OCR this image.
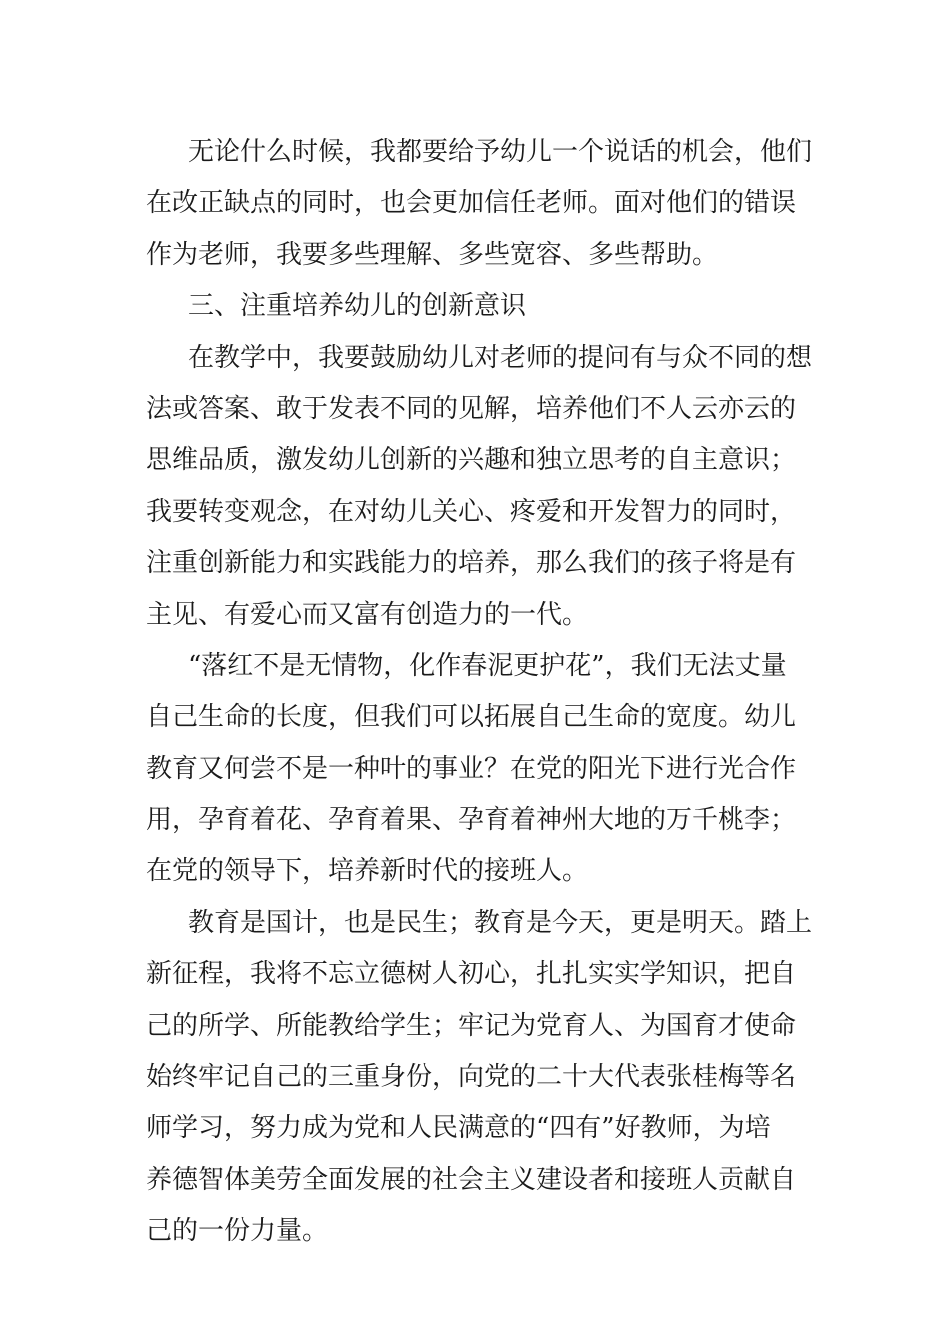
无论什么时候，我都要给予幼儿一个说话的机会，他们
在改正缺点的同时，也会更加信任老师。面对他们的错误
作为老师，我要多些理解、多些宽容、多些帮助。
三、注重培养幼儿的创新意识
在教学中，我要鼓励幼儿对老师的提问有与众不同的想
法或答案、敢于发表不同的见解，培养他们不人云亦云的
思维品质，激发幼儿创新的兴趣和独立思考的自主意识；
我要转变观念，在对幼儿关心、疼爱和开发智力的同时，
注重创新能力和实践能力的培养，那么我们的孩子将是有
主见、有爱心而又富有创造力的一代。
“落红不是无情物，化作春泥更护花”，我们无法丈量
自己生命的长度，但我们可以拓展自己生命的宽度。幼儿
教育又何尝不是一种叶的事业？在党的阳光下进行光合作
用，孕育着花、孕育着果、孕育着神州大地的万千桃李；
在党的领导下，培养新时代的接班人。
教育是国计，也是民生；教育是今天，更是明天。踏上
新征程，我将不忘立德树人初心，扎扎实实学知识，把自
己的所学、所能教给学生；牢记为党育人、为国育才使命
始终牢记自己的三重身份，向党的二十大代表张桂梅等名
师学习，努力成为党和人民满意的“四有”好教师，为培
养德智体美劳全面发展的社会主义建设者和接班人贡献自
己的一份力量。
